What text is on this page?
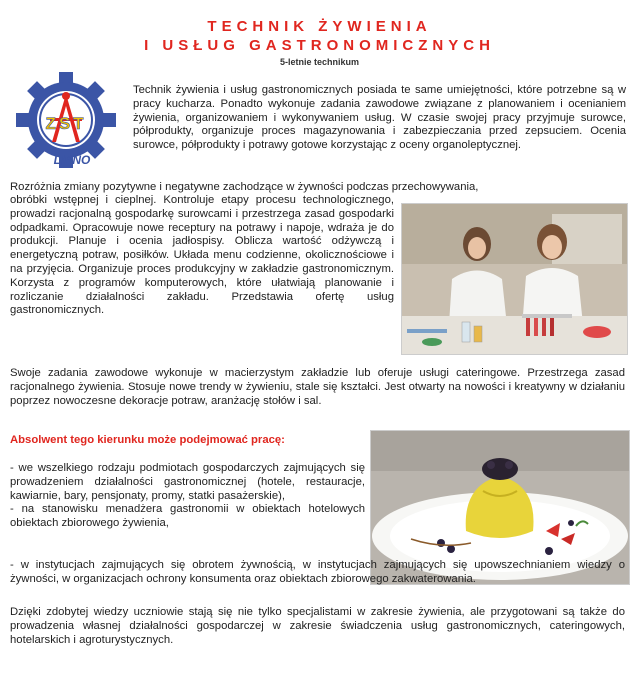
TECHNIK ŻYWIENIA
I USŁUG GASTRONOMICZNYCH

5-letnie technikum

ZST
LIPNO

Technik żywienia i usług gastronomicznych posiada te same umiejętności, które potrzebne są w pracy kucharza. Ponadto wykonuje zadania zawodowe związane z planowaniem i ocenianiem żywienia, organizowaniem i wykonywaniem usług. W czasie swojej pracy przyjmuje surowce, półprodukty, organizuje proces magazynowania i zabezpieczania przed zepsuciem. Ocenia surowce, półprodukty i potrawy gotowe korzystając z oceny organoleptycznej.

Rozróżnia zmiany pozytywne i negatywne zachodzące w żywności podczas przechowywania,

obróbki wstępnej i cieplnej. Kontroluje etapy procesu technologicznego, prowadzi racjonalną gospodarkę surowcami i przestrzega zasad gospodarki odpadkami. Opracowuje nowe receptury na potrawy i napoje, wdraża je do produkcji. Planuje i ocenia jadłospisy. Oblicza wartość odżywczą i energetyczną potraw, posiłków. Układa menu codzienne, okolicznościowe i na przyjęcia. Organizuje proces produkcyjny w zakładzie gastronomicznym. Korzysta z programów komputerowych, które ułatwiają planowanie i rozliczanie działalności zakładu. Przedstawia ofertę usług gastronomicznych.

Swoje zadania zawodowe wykonuje w macierzystym zakładzie lub oferuje usługi cateringowe. Przestrzega zasad racjonalnego żywienia. Stosuje nowe trendy w żywieniu, stale się kształci. Jest otwarty na nowości i kreatywny w działaniu poprzez nowoczesne dekoracje potraw, aranżację stołów i sal.

Absolwent tego kierunku może podejmować pracę:

- we wszelkiego rodzaju podmiotach gospodarczych zajmujących się prowadzeniem działalności gastronomicznej (hotele, restauracje, kawiarnie, bary, pensjonaty, promy, statki pasażerskie),
- na stanowisku menadżera gastronomii w obiektach hotelowych obiektach zbiorowego żywienia,

- w instytucjach zajmujących się obrotem żywnością, w instytucjach zajmujących się upowszechnianiem wiedzy o żywności, w organizacjach ochrony konsumenta oraz obiektach zbiorowego zakwaterowania.

Dzięki zdobytej wiedzy uczniowie stają się nie tylko specjalistami w zakresie żywienia, ale przygotowani są także do prowadzenia własnej działalności gospodarczej w zakresie świadczenia usług gastronomicznych, cateringowych, hotelarskich i agroturystycznych.
